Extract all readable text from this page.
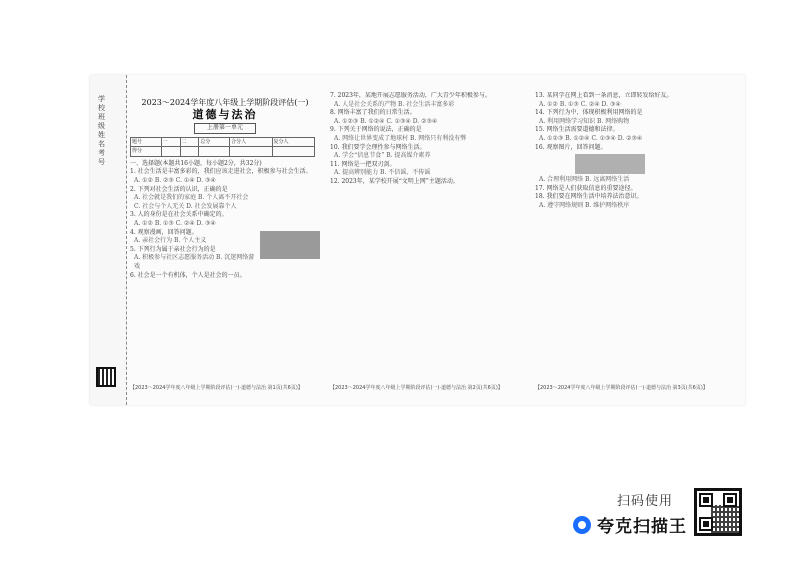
学校班级姓名考号
2023～2024学年度八年级上学期阶段评估(一)
道德与法治
上册第一单元
题号	一	二	总分	合分人	复分人
得分					

一、选择题(本题共16小题，每小题2分，共32分)

1. 社会生活是丰富多彩的，我们应该走进社会，积极参与社会生活。

A. ①② B. ②③ C. ①④ D. ③④

2. 下列对社会生活的认识，正确的是

A. 社会就是我们的家庭 B. 个人离不开社会

C. 社会与个人无关 D. 社会发展靠个人

3. 人的身份是在社会关系中确定的。

A. ①② B. ①③ C. ②④ D. ③④

4. 观察漫画，回答问题。

A. 亲社会行为 B. 个人主义

5. 下列行为属于亲社会行为的是

A. 积极参与社区志愿服务活动 B. 沉迷网络游戏

6. 社会是一个有机体，个人是社会的一员。

7. 2023年，某地开展志愿服务活动，广大青少年积极参与。

A. 人是社会关系的产物 B. 社会生活丰富多彩

8. 网络丰富了我们的日常生活。

A. ①②③ B. ①②④ C. ①③④ D. ②③④

9. 下列关于网络的说法，正确的是

A. 网络让世界变成了地球村 B. 网络只有利没有弊

10. 我们要学会理性参与网络生活。

A. 学会“信息节食” B. 提高媒介素养

11. 网络是一把双刃剑。

A. 提高辨别能力 B. 不信谣、不传谣

12. 2023年，某学校开展“文明上网”主题活动。

13. 某同学在网上看到一条消息，立即转发给好友。

A. ①② B. ①③ C. ②④ D. ③④

14. 下列行为中，体现积极利用网络的是

A. 利用网络学习知识 B. 网络购物

15. 网络生活需要道德和法律。

A. ①②③ B. ①②④ C. ①③④ D. ②③④

16. 观察图片，回答问题。

A. 合理利用网络 B. 远离网络生活

17. 网络是人们获取信息的重要途径。

18. 我们要在网络生活中培养法治意识。

A. 遵守网络规则 B. 维护网络秩序

【2023～2024学年度八年级上学期阶段评估(一)·道德与法治 第1页(共6页)】	【2023～2024学年度八年级上学期阶段评估(一)·道德与法治 第2页(共6页)】	【2023～2024学年度八年级上学期阶段评估(一)·道德与法治 第3页(共6页)】
扫码使用
夸克扫描王
